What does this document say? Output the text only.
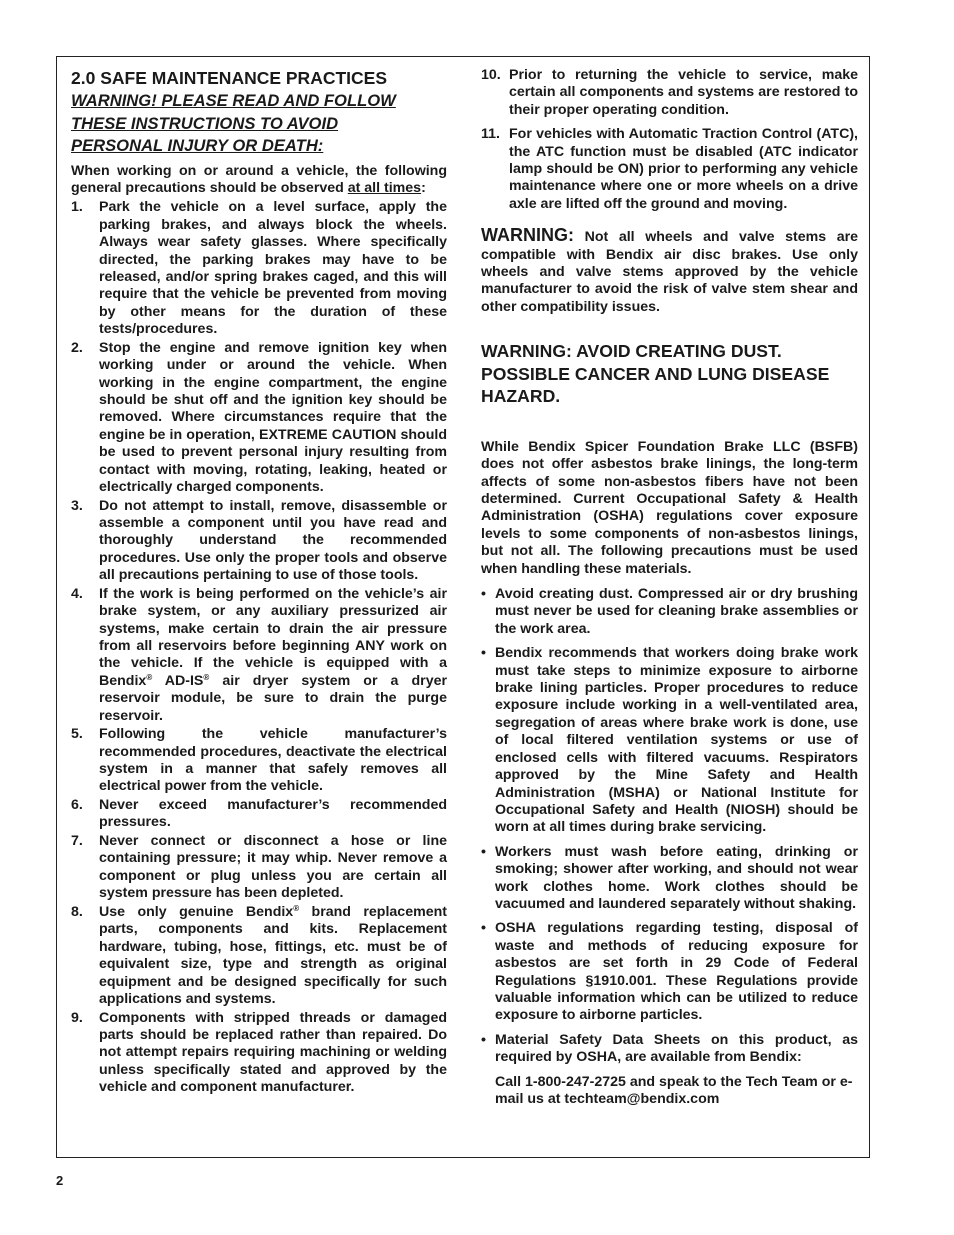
2.0 SAFE MAINTENANCE PRACTICES
WARNING! PLEASE READ AND FOLLOW
THESE INSTRUCTIONS TO AVOID
PERSONAL INJURY OR DEATH:
When working on or around a vehicle, the following general precautions should be observed at all times:
1. Park the vehicle on a level surface, apply the parking brakes, and always block the wheels. Always wear safety glasses. Where specifically directed, the parking brakes may have to be released, and/or spring brakes caged, and this will require that the vehicle be prevented from moving by other means for the duration of these tests/procedures.
2. Stop the engine and remove ignition key when working under or around the vehicle. When working in the engine compartment, the engine should be shut off and the ignition key should be removed. Where circumstances require that the engine be in operation, EXTREME CAUTION should be used to prevent personal injury resulting from contact with moving, rotating, leaking, heated or electrically charged components.
3. Do not attempt to install, remove, disassemble or assemble a component until you have read and thoroughly understand the recommended procedures. Use only the proper tools and observe all precautions pertaining to use of those tools.
4. If the work is being performed on the vehicle’s air brake system, or any auxiliary pressurized air systems, make certain to drain the air pressure from all reservoirs before beginning ANY work on the vehicle. If the vehicle is equipped with a Bendix® AD-IS® air dryer system or a dryer reservoir module, be sure to drain the purge reservoir.
5. Following the vehicle manufacturer’s recommended procedures, deactivate the electrical system in a manner that safely removes all electrical power from the vehicle.
6. Never exceed manufacturer’s recommended pressures.
7. Never connect or disconnect a hose or line containing pressure; it may whip. Never remove a component or plug unless you are certain all system pressure has been depleted.
8. Use only genuine Bendix® brand replacement parts, components and kits. Replacement hardware, tubing, hose, fittings, etc. must be of equivalent size, type and strength as original equipment and be designed specifically for such applications and systems.
9. Components with stripped threads or damaged parts should be replaced rather than repaired. Do not attempt repairs requiring machining or welding unless specifically stated and approved by the vehicle and component manufacturer.
10. Prior to returning the vehicle to service, make certain all components and systems are restored to their proper operating condition.
11. For vehicles with Automatic Traction Control (ATC), the ATC function must be disabled (ATC indicator lamp should be ON) prior to performing any vehicle maintenance where one or more wheels on a drive axle are lifted off the ground and moving.
WARNING: Not all wheels and valve stems are compatible with Bendix air disc brakes. Use only wheels and valve stems approved by the vehicle manufacturer to avoid the risk of valve stem shear and other compatibility issues.
WARNING: AVOID CREATING DUST. POSSIBLE CANCER AND LUNG DISEASE HAZARD.
While Bendix Spicer Foundation Brake LLC (BSFB) does not offer asbestos brake linings, the long-term affects of some non-asbestos fibers have not been determined. Current Occupational Safety & Health Administration (OSHA) regulations cover exposure levels to some components of non-asbestos linings, but not all. The following precautions must be used when handling these materials.
• Avoid creating dust. Compressed air or dry brushing must never be used for cleaning brake assemblies or the work area.
• Bendix recommends that workers doing brake work must take steps to minimize exposure to airborne brake lining particles. Proper procedures to reduce exposure include working in a well-ventilated area, segregation of areas where brake work is done, use of local filtered ventilation systems or use of enclosed cells with filtered vacuums. Respirators approved by the Mine Safety and Health Administration (MSHA) or National Institute for Occupational Safety and Health (NIOSH) should be worn at all times during brake servicing.
• Workers must wash before eating, drinking or smoking; shower after working, and should not wear work clothes home. Work clothes should be vacuumed and laundered separately without shaking.
• OSHA regulations regarding testing, disposal of waste and methods of reducing exposure for asbestos are set forth in 29 Code of Federal Regulations §1910.001. These Regulations provide valuable information which can be utilized to reduce exposure to airborne particles.
• Material Safety Data Sheets on this product, as required by OSHA, are available from Bendix:
Call 1-800-247-2725 and speak to the Tech Team or e-mail us at techteam@bendix.com
2
